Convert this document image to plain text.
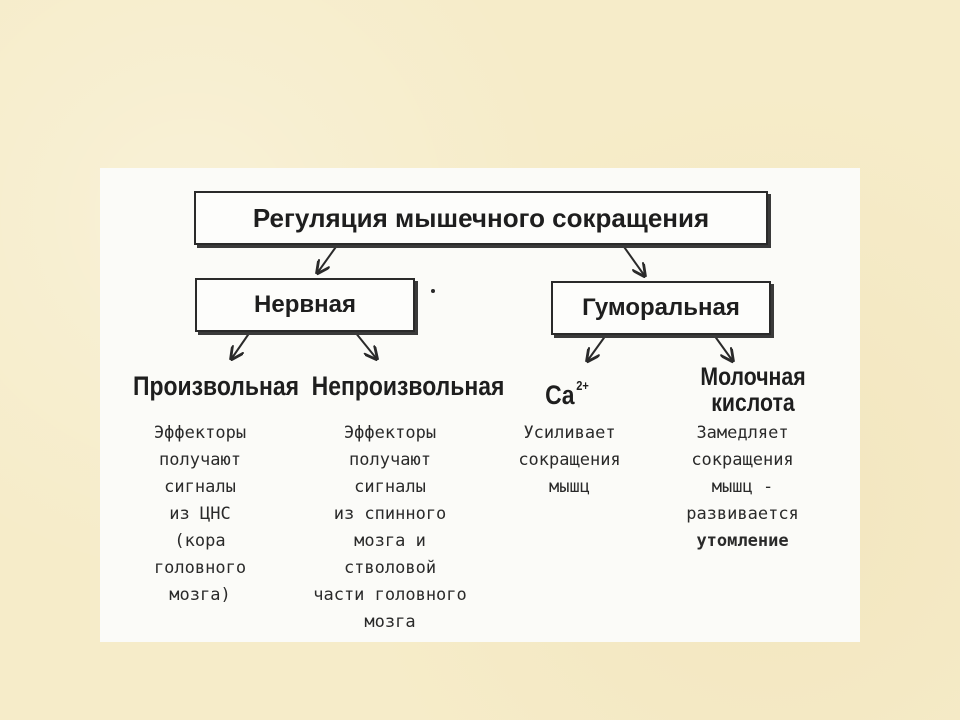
Регуляция мышечного сокращения
Нервная	Гуморальная
Произвольная Непроизвольная Ca $^{2+}$	Молочная
кислота
Эффекторы
получают
сигналы
из ЦНС
(кора
головного
мозга)
Эффекторы
получают
сигналы
из спинного
мозга и
стволовой
части головного
мозга
Усиливает
сокращения
мышц
Замедляет
сокращения
мышц -
развивается
утомление
